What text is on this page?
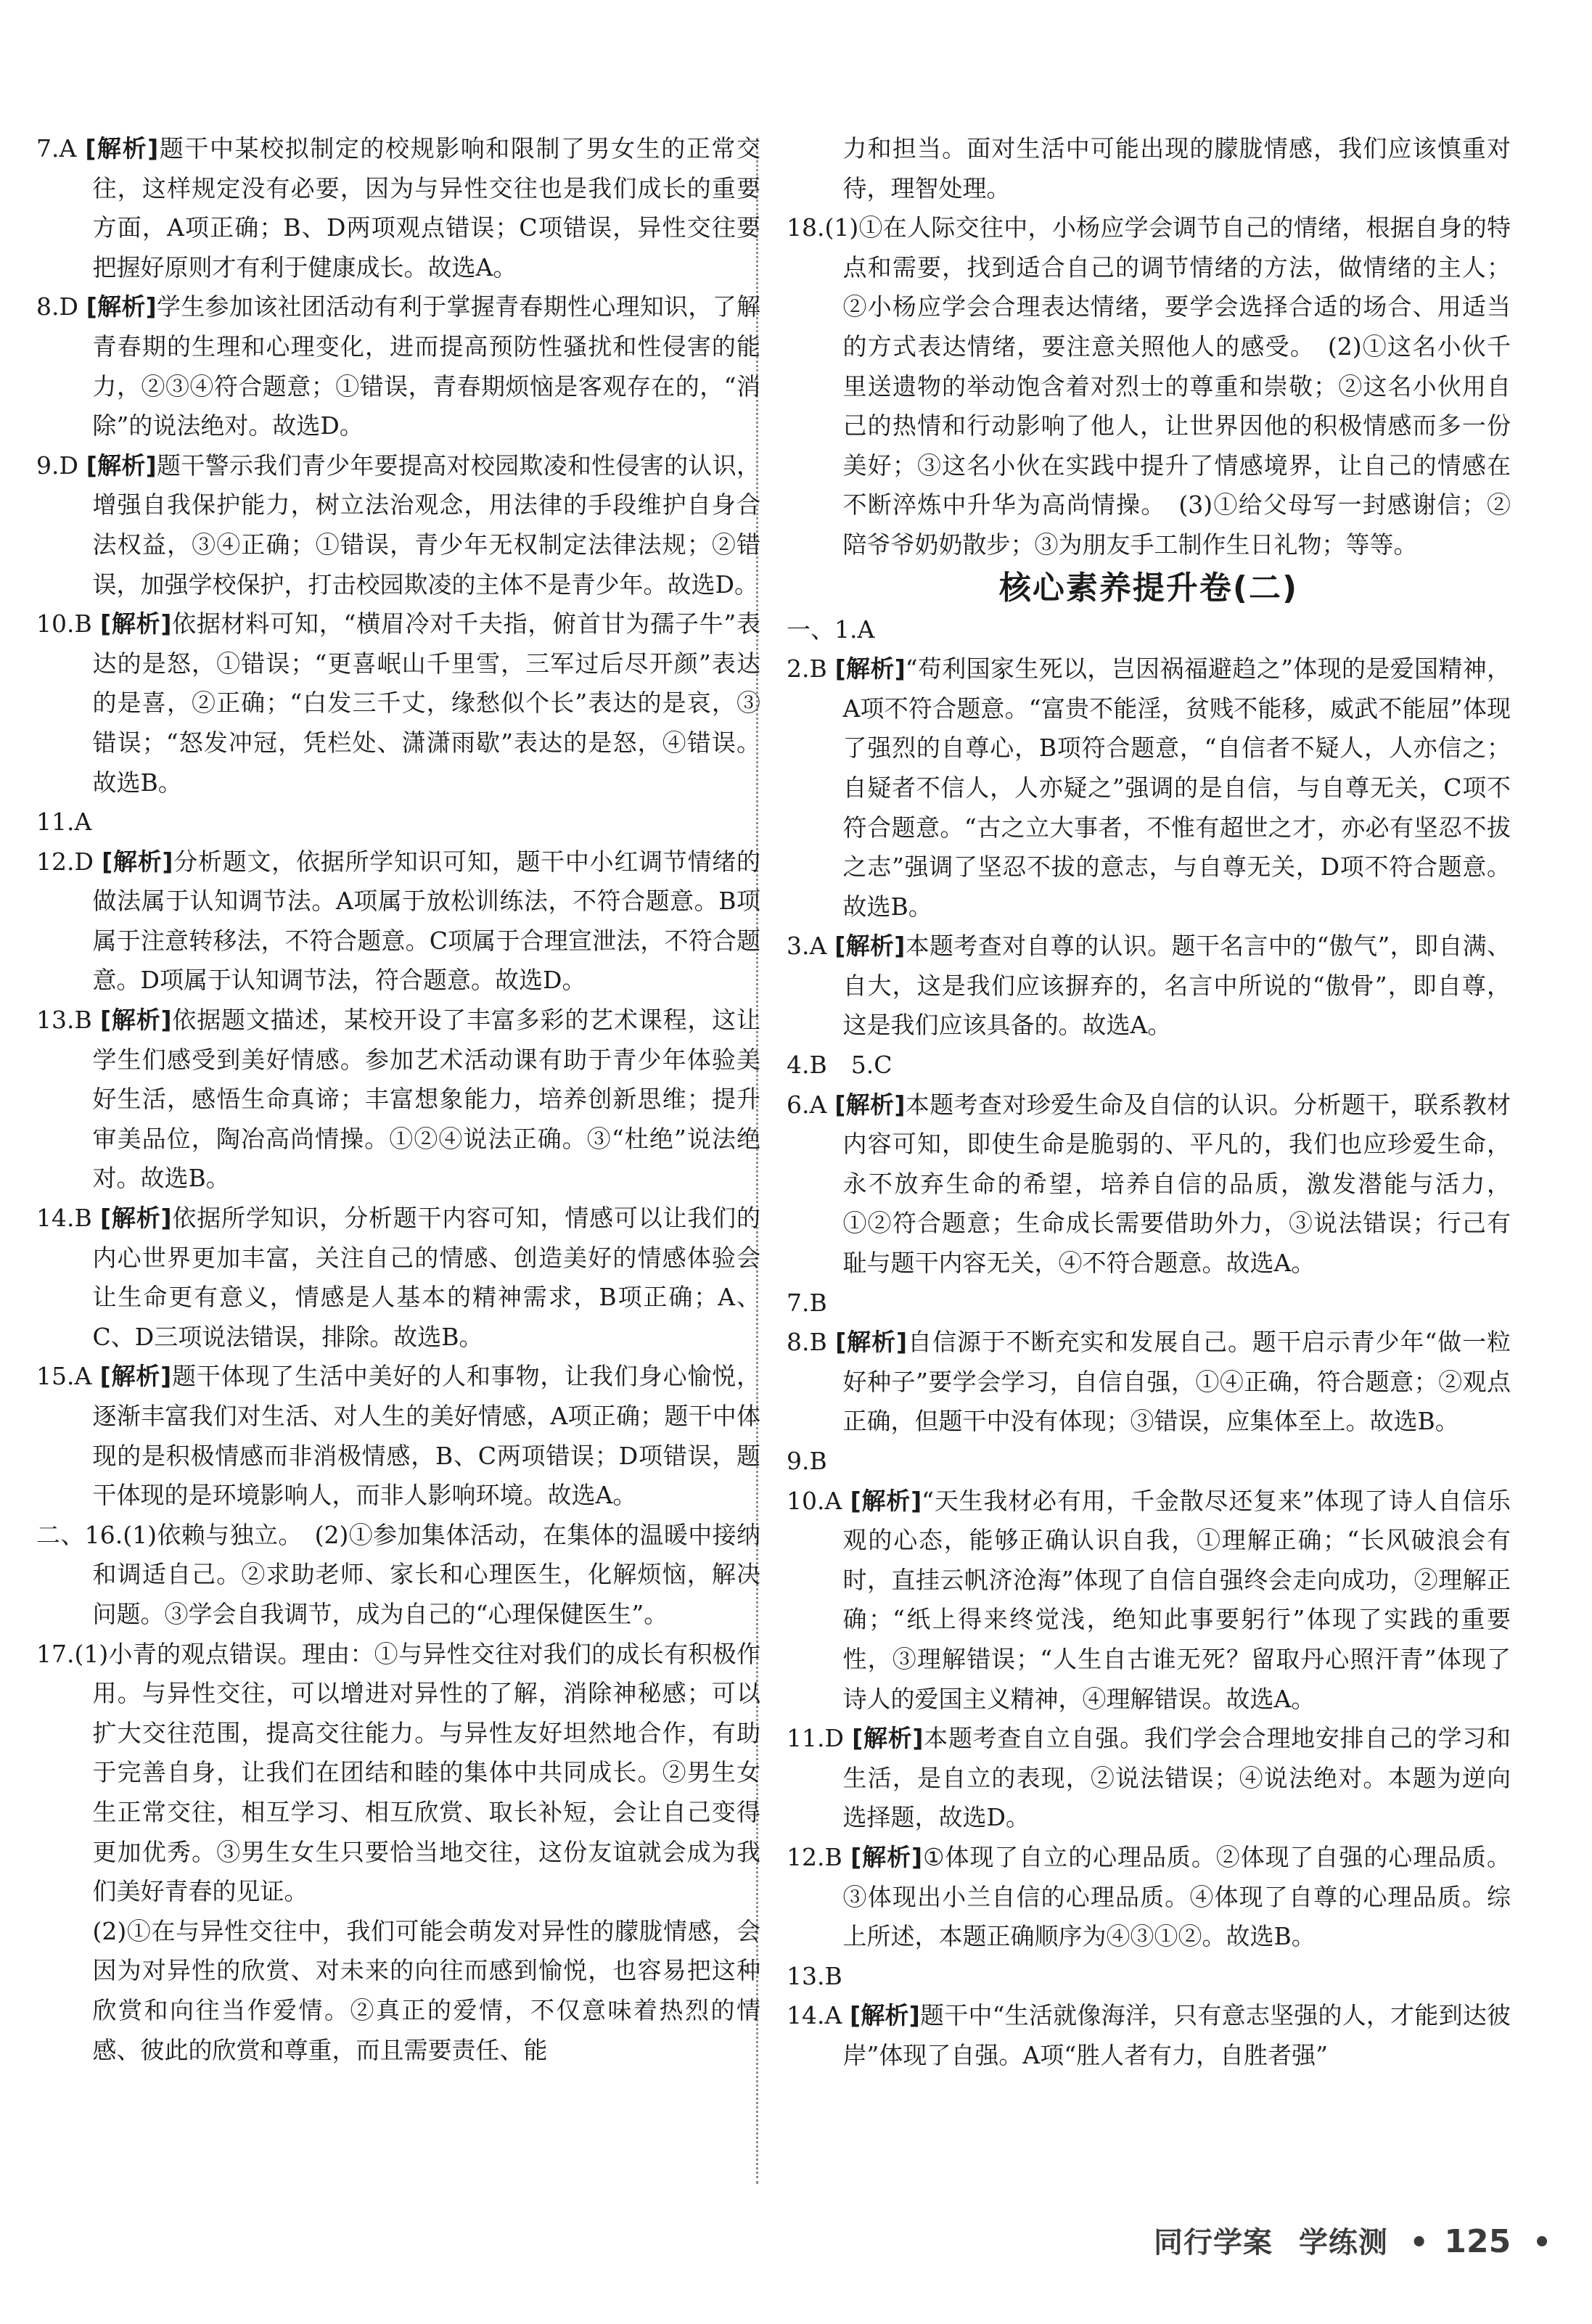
7.A [解析]题干中某校拟制定的校规影响和限制了男女生的正常交往，这样规定没有必要，因为与异性交往也是我们成长的重要方面，A项正确；B、D两项观点错误；C项错误，异性交往要把握好原则才有利于健康成长。故选A。
8.D [解析]学生参加该社团活动有利于掌握青春期性心理知识，了解青春期的生理和心理变化，进而提高预防性骚扰和性侵害的能力，②③④符合题意；①错误，青春期烦恼是客观存在的，“消除”的说法绝对。故选D。
9.D [解析]题干警示我们青少年要提高对校园欺凌和性侵害的认识，增强自我保护能力，树立法治观念，用法律的手段维护自身合法权益，③④正确；①错误，青少年无权制定法律法规；②错误，加强学校保护，打击校园欺凌的主体不是青少年。故选D。
10.B [解析]依据材料可知，“横眉冷对千夫指，俯首甘为孺子牛”表达的是怒，①错误；“更喜岷山千里雪，三军过后尽开颜”表达的是喜，②正确；“白发三千丈，缘愁似个长”表达的是哀，③错误；“怒发冲冠，凭栏处、潇潇雨歇”表达的是怒，④错误。故选B。
11.A
12.D [解析]分析题文，依据所学知识可知，题干中小红调节情绪的做法属于认知调节法。A项属于放松训练法，不符合题意。B项属于注意转移法，不符合题意。C项属于合理宣泄法，不符合题意。D项属于认知调节法，符合题意。故选D。
13.B [解析]依据题文描述，某校开设了丰富多彩的艺术课程，这让学生们感受到美好情感。参加艺术活动课有助于青少年体验美好生活，感悟生命真谛；丰富想象能力，培养创新思维；提升审美品位，陶冶高尚情操。①②④说法正确。③“杜绝”说法绝对。故选B。
14.B [解析]依据所学知识，分析题干内容可知，情感可以让我们的内心世界更加丰富，关注自己的情感、创造美好的情感体验会让生命更有意义，情感是人基本的精神需求，B项正确；A、C、D三项说法错误，排除。故选B。
15.A [解析]题干体现了生活中美好的人和事物，让我们身心愉悦，逐渐丰富我们对生活、对人生的美好情感，A项正确；题干中体现的是积极情感而非消极情感，B、C两项错误；D项错误，题干体现的是环境影响人，而非人影响环境。故选A。
二、16.(1)依赖与独立。　(2)①参加集体活动，在集体的温暖中接纳和调适自己。②求助老师、家长和心理医生，化解烦恼，解决问题。③学会自我调节，成为自己的“心理保健医生”。
17.(1)小青的观点错误。理由：①与异性交往对我们的成长有积极作用。与异性交往，可以增进对异性的了解，消除神秘感；可以扩大交往范围，提高交往能力。与异性友好坦然地合作，有助于完善自身，让我们在团结和睦的集体中共同成长。②男生女生正常交往，相互学习、相互欣赏、取长补短，会让自己变得更加优秀。③男生女生只要恰当地交往，这份友谊就会成为我们美好青春的见证。
(2)①在与异性交往中，我们可能会萌发对异性的朦胧情感，会因为对异性的欣赏、对未来的向往而感到愉悦，也容易把这种欣赏和向往当作爱情。②真正的爱情，不仅意味着热烈的情感、彼此的欣赏和尊重，而且需要责任、能
力和担当。面对生活中可能出现的朦胧情感，我们应该慎重对待，理智处理。
18.(1)①在人际交往中，小杨应学会调节自己的情绪，根据自身的特点和需要，找到适合自己的调节情绪的方法，做情绪的主人；②小杨应学会合理表达情绪，要学会选择合适的场合、用适当的方式表达情绪，要注意关照他人的感受。　(2)①这名小伙千里送遗物的举动饱含着对烈士的尊重和崇敬；②这名小伙用自己的热情和行动影响了他人，让世界因他的积极情感而多一份美好；③这名小伙在实践中提升了情感境界，让自己的情感在不断淬炼中升华为高尚情操。　(3)①给父母写一封感谢信；②陪爷爷奶奶散步；③为朋友手工制作生日礼物；等等。
核心素养提升卷(二)
一、1.A
2.B [解析]“苟利国家生死以，岂因祸福避趋之”体现的是爱国精神，A项不符合题意。“富贵不能淫，贫贱不能移，威武不能屈”体现了强烈的自尊心，B项符合题意，“自信者不疑人，人亦信之；自疑者不信人，人亦疑之”强调的是自信，与自尊无关，C项不符合题意。“古之立大事者，不惟有超世之才，亦必有坚忍不拔之志”强调了坚忍不拔的意志，与自尊无关，D项不符合题意。故选B。
3.A [解析]本题考查对自尊的认识。题干名言中的“傲气”，即自满、自大，这是我们应该摒弃的，名言中所说的“傲骨”，即自尊，这是我们应该具备的。故选A。
4.B　5.C
6.A [解析]本题考查对珍爱生命及自信的认识。分析题干，联系教材内容可知，即使生命是脆弱的、平凡的，我们也应珍爱生命，永不放弃生命的希望，培养自信的品质，激发潜能与活力，①②符合题意；生命成长需要借助外力，③说法错误；行己有耻与题干内容无关，④不符合题意。故选A。
7.B
8.B [解析]自信源于不断充实和发展自己。题干启示青少年“做一粒好种子”要学会学习，自信自强，①④正确，符合题意；②观点正确，但题干中没有体现；③错误，应集体至上。故选B。
9.B
10.A [解析]“天生我材必有用，千金散尽还复来”体现了诗人自信乐观的心态，能够正确认识自我，①理解正确；“长风破浪会有时，直挂云帆济沧海”体现了自信自强终会走向成功，②理解正确；“纸上得来终觉浅，绝知此事要躬行”体现了实践的重要性，③理解错误；“人生自古谁无死？留取丹心照汗青”体现了诗人的爱国主义精神，④理解错误。故选A。
11.D [解析]本题考查自立自强。我们学会合理地安排自己的学习和生活，是自立的表现，②说法错误；④说法绝对。本题为逆向选择题，故选D。
12.B [解析]①体现了自立的心理品质。②体现了自强的心理品质。③体现出小兰自信的心理品质。④体现了自尊的心理品质。综上所述，本题正确顺序为④③①②。故选B。
13.B
14.A [解析]题干中“生活就像海洋，只有意志坚强的人，才能到达彼岸”体现了自强。A项“胜人者有力，自胜者强”
同行学案 学练测 • 125 •
